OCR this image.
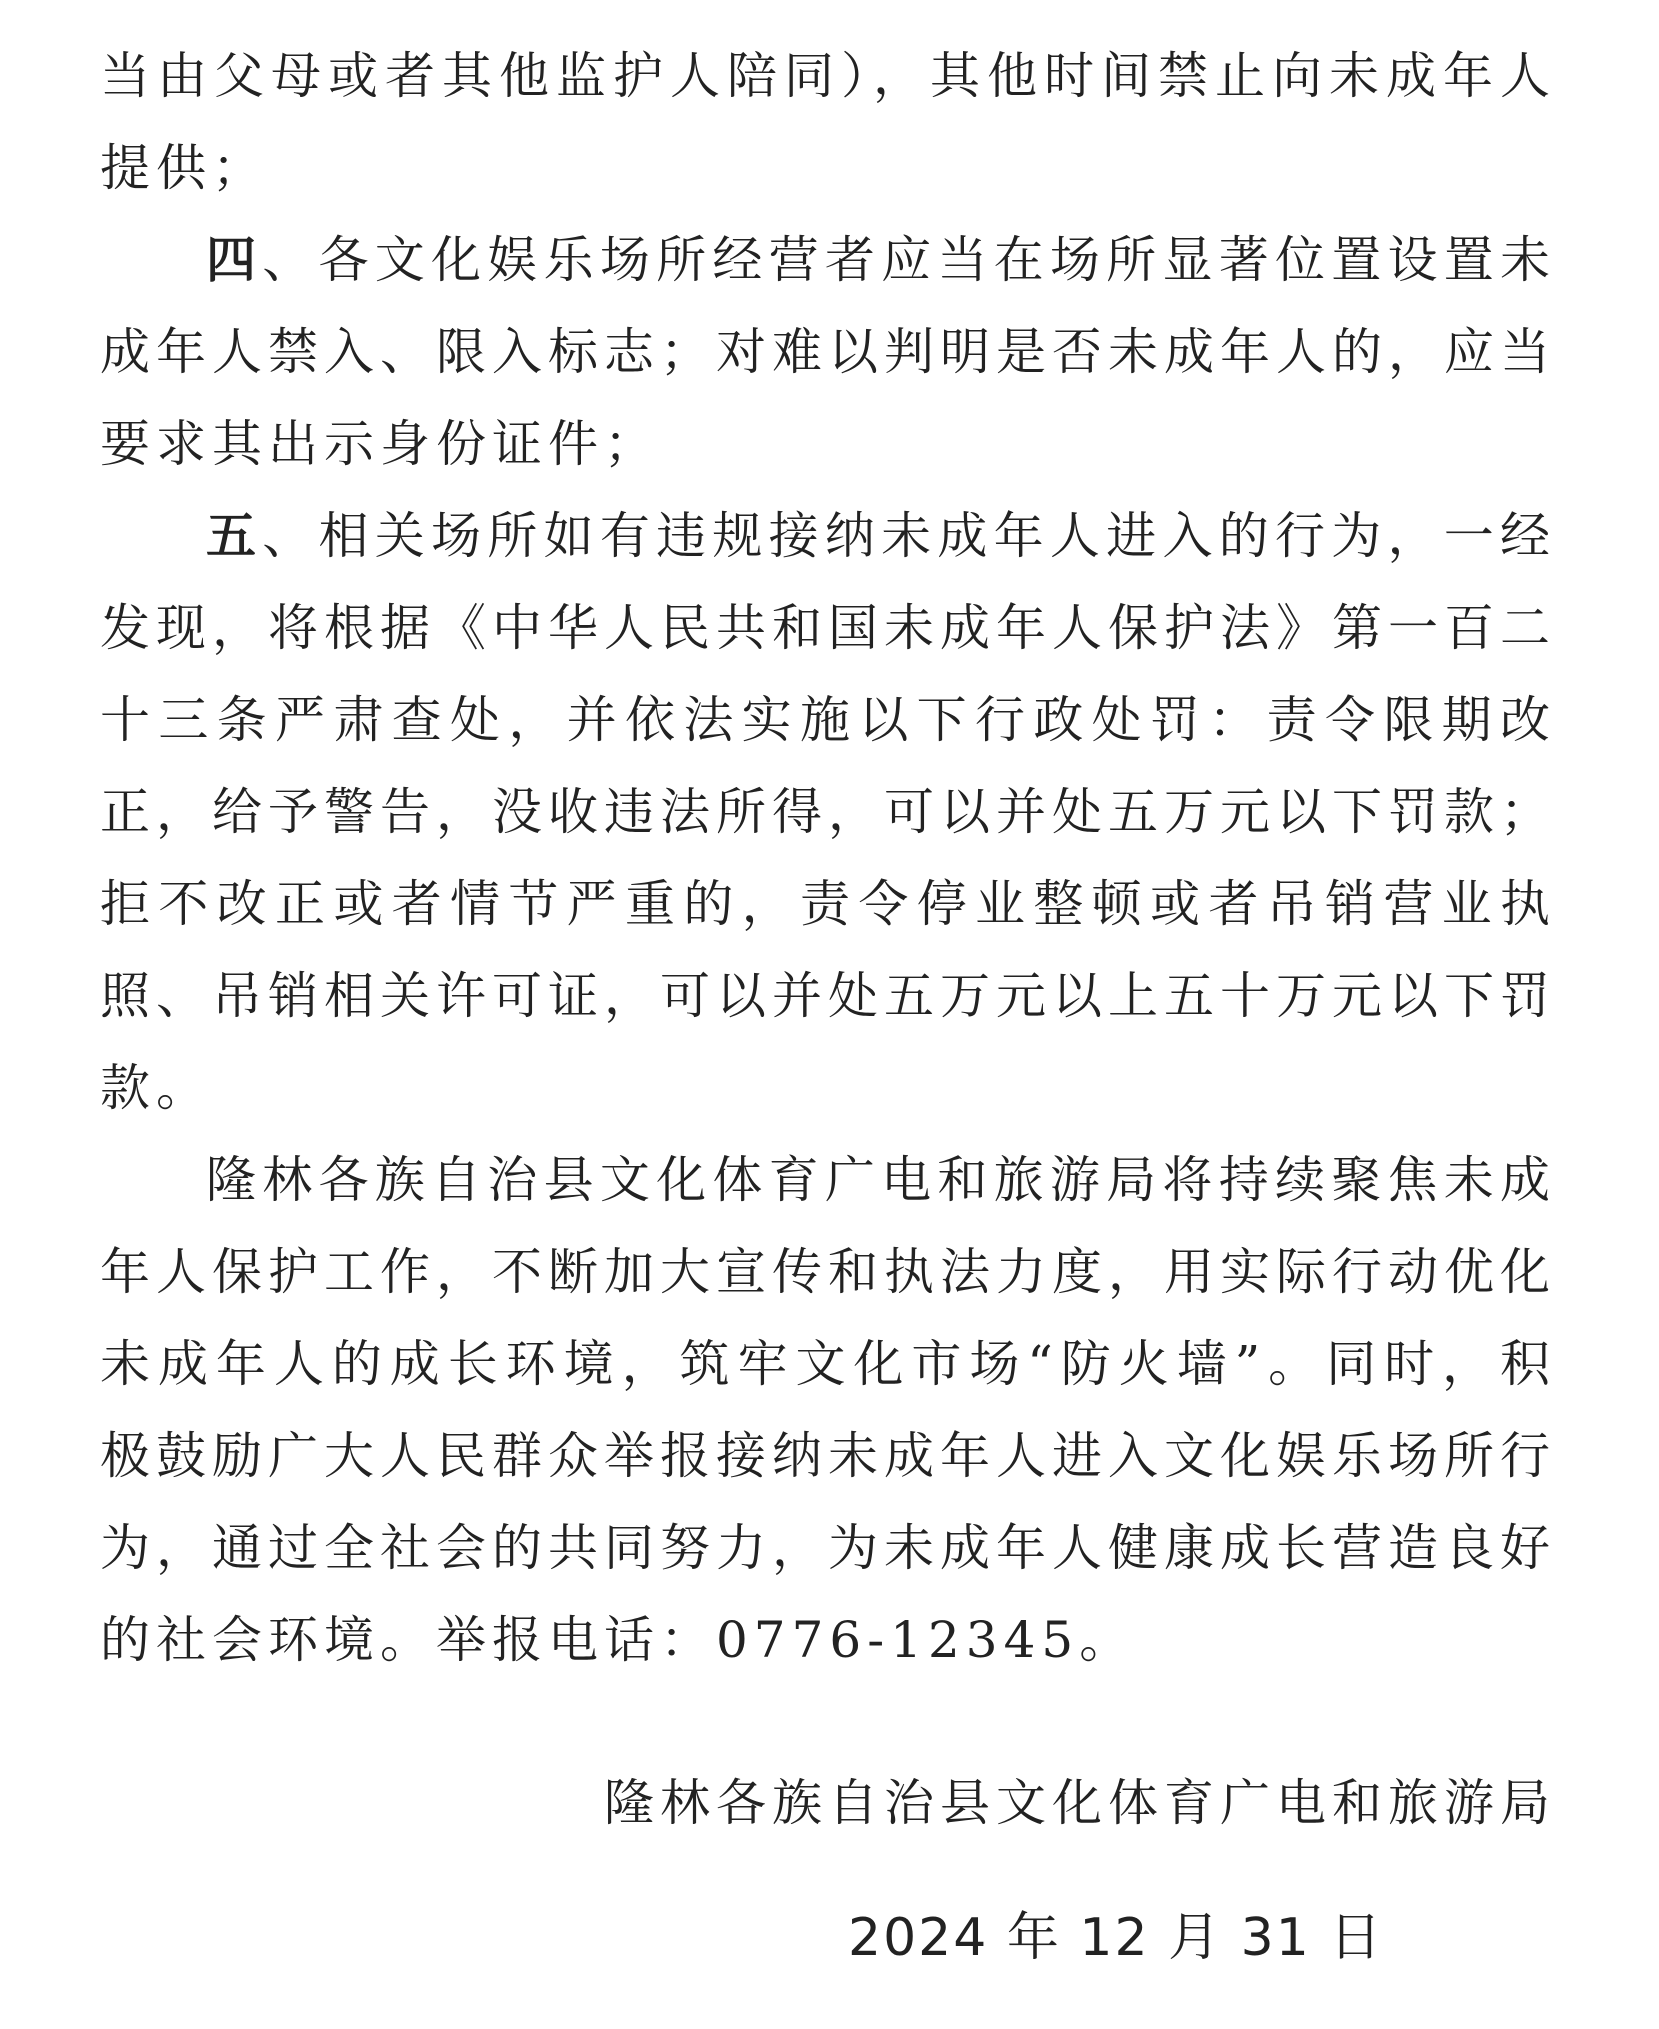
当由父母或者其他监护人陪同），其他时间禁止向未成年人提供；

四、各文化娱乐场所经营者应当在场所显著位置设置未成年人禁入、限入标志；对难以判明是否未成年人的，应当要求其出示身份证件；

五、相关场所如有违规接纳未成年人进入的行为，一经发现，将根据《中华人民共和国未成年人保护法》第一百二十三条严肃查处，并依法实施以下行政处罚：责令限期改正，给予警告，没收违法所得，可以并处五万元以下罚款；拒不改正或者情节严重的，责令停业整顿或者吊销营业执照、吊销相关许可证，可以并处五万元以上五十万元以下罚款。

隆林各族自治县文化体育广电和旅游局将持续聚焦未成年人保护工作，不断加大宣传和执法力度，用实际行动优化未成年人的成长环境，筑牢文化市场“防火墙”。同时，积极鼓励广大人民群众举报接纳未成年人进入文化娱乐场所行为，通过全社会的共同努力，为未成年人健康成长营造良好的社会环境。举报电话：0776-12345。

隆林各族自治县文化体育广电和旅游局

2024 年 12 月 31 日
